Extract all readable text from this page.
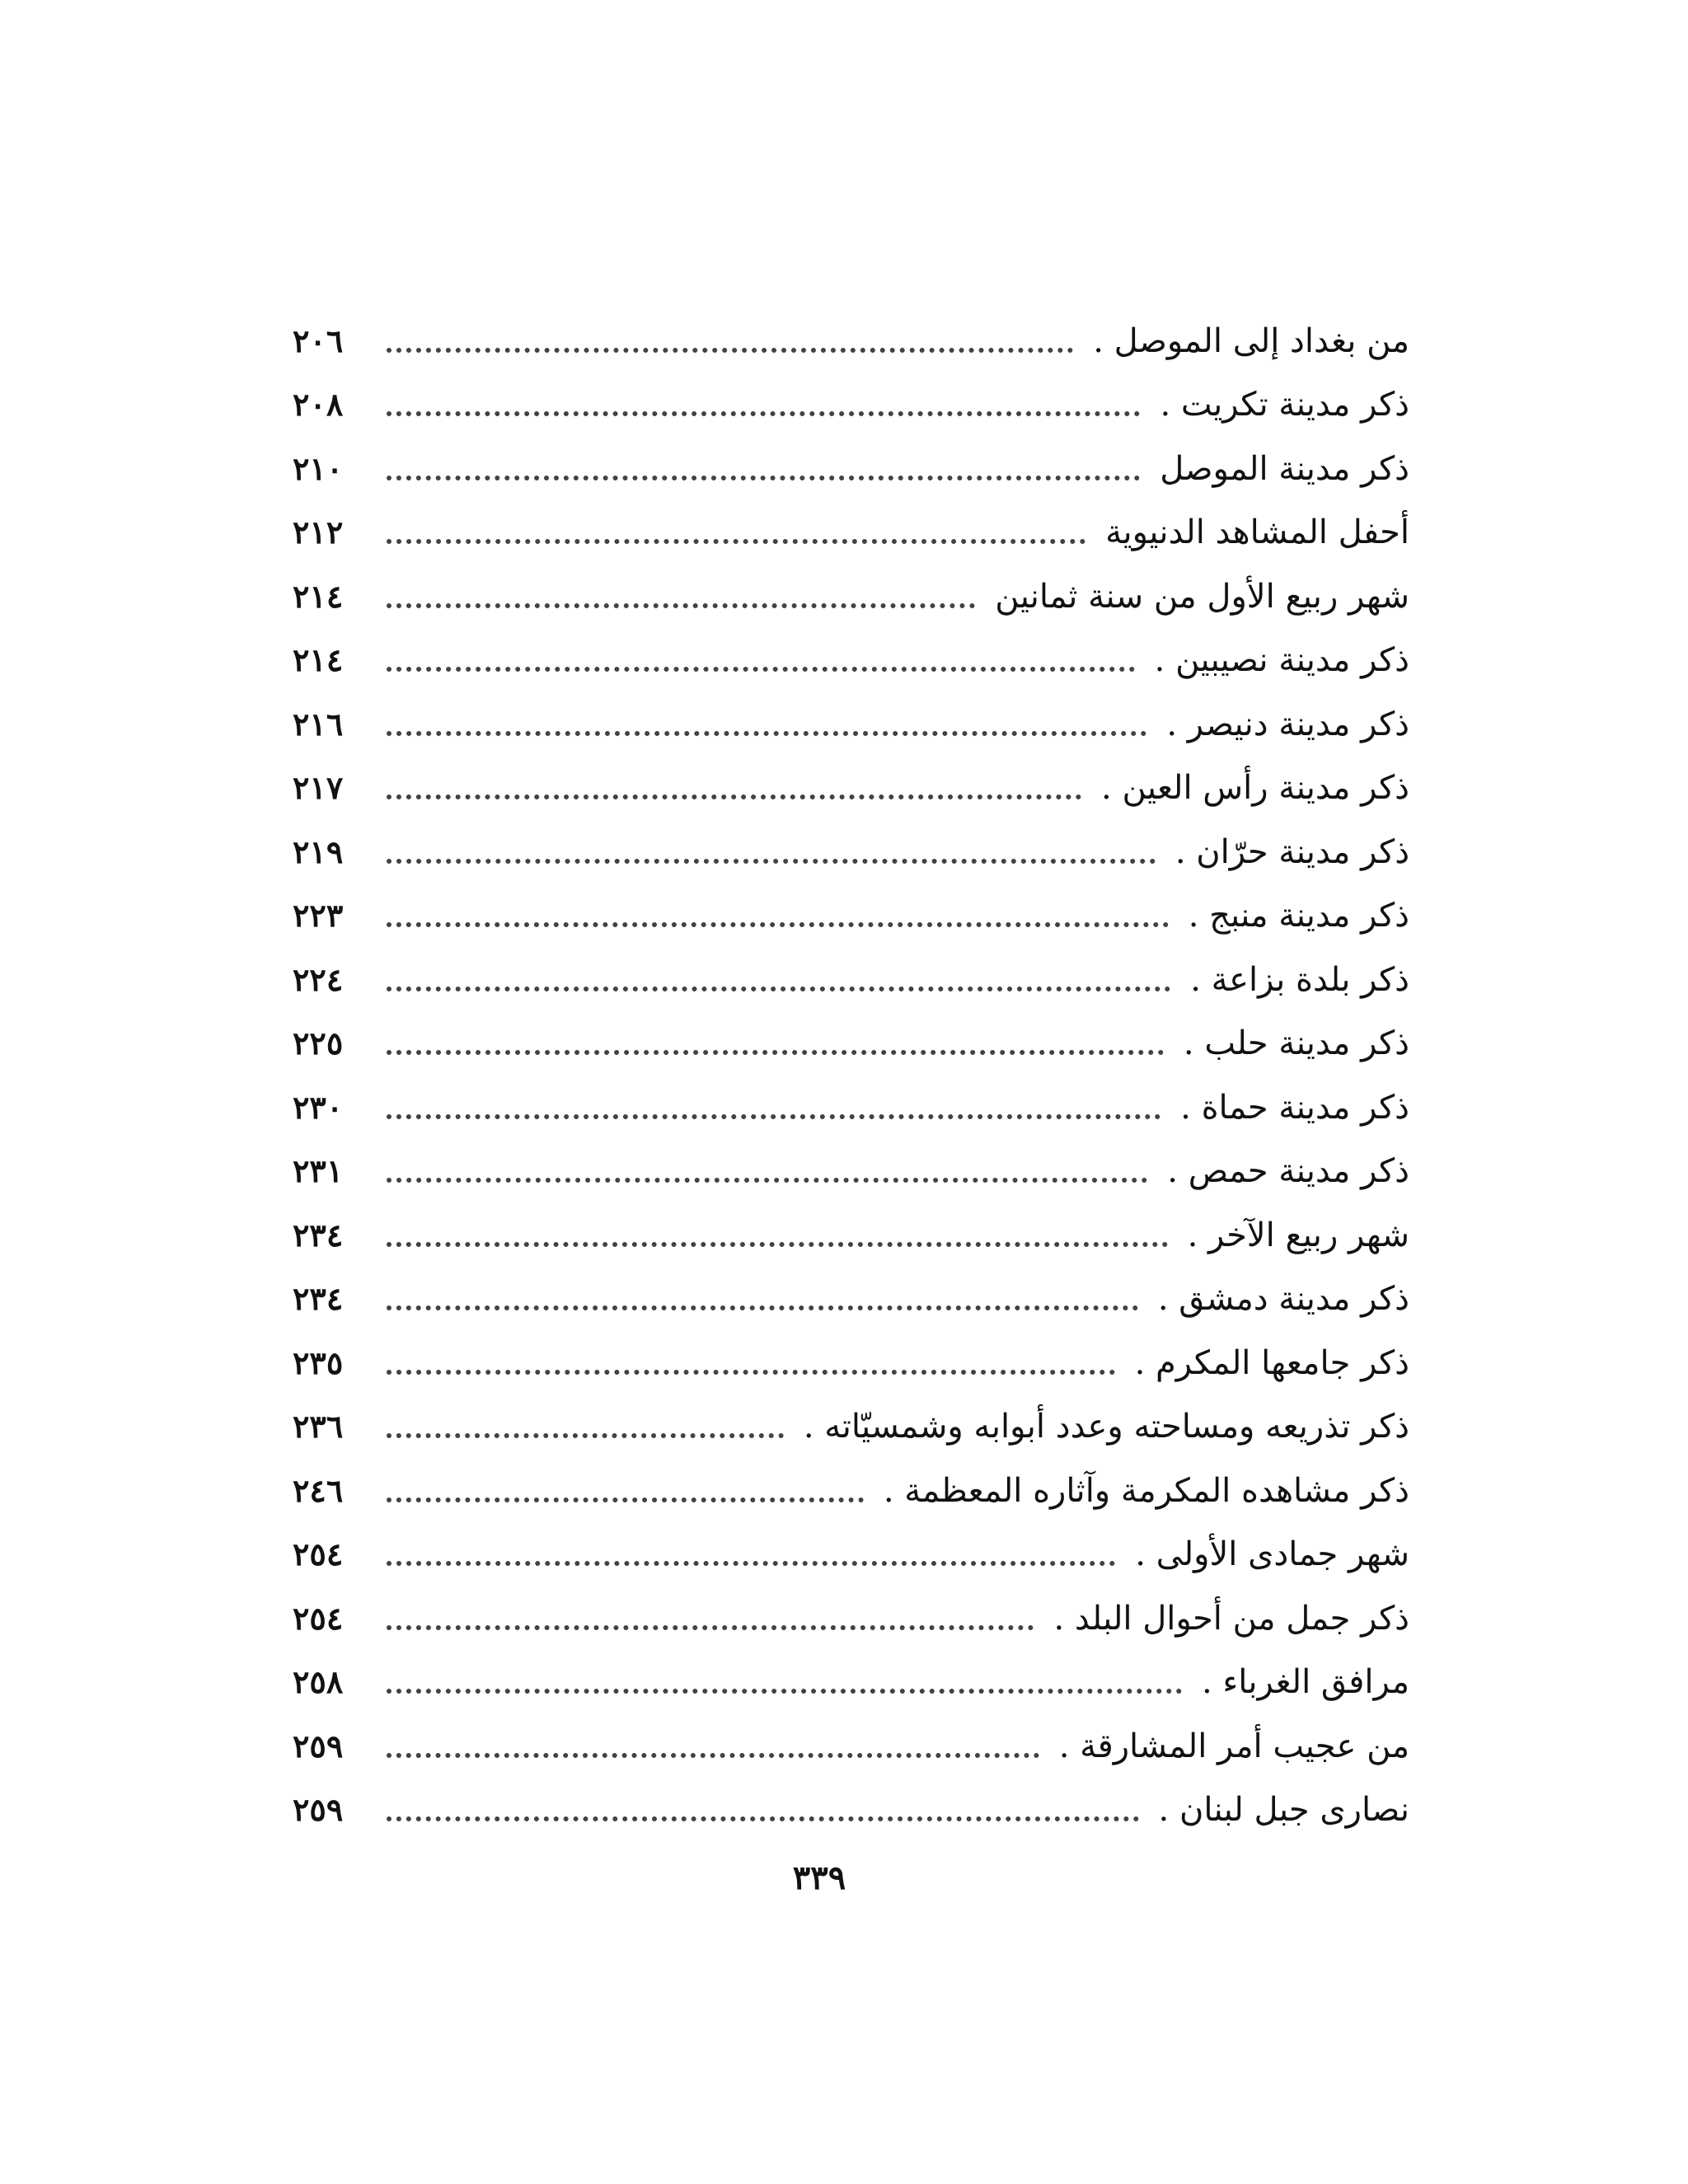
من بغداد إلى الموصل .
٢٠٦
ذكر مدينة تكريت .
٢٠٨
ذكر مدينة الموصل
٢١٠
أحفل المشاهد الدنيوية
٢١٢
شهر ربيع الأول من سنة ثمانين
٢١٤
ذكر مدينة نصيبين .
٢١٤
ذكر مدينة دنيصر .
٢١٦
ذكر مدينة رأس العين .
٢١٧
ذكر مدينة حرّان .
٢١٩
ذكر مدينة منبج .
٢٢٣
ذكر بلدة بزاعة .
٢٢٤
ذكر مدينة حلب .
٢٢٥
ذكر مدينة حماة .
٢٣٠
ذكر مدينة حمص .
٢٣١
شهر ربيع الآخر .
٢٣٤
ذكر مدينة دمشق .
٢٣٤
ذكر جامعها المكرم .
٢٣٥
ذكر تذريعه ومساحته وعدد أبوابه وشمسيّاته .
٢٣٦
ذكر مشاهده المكرمة وآثاره المعظمة .
٢٤٦
شهر جمادى الأولى .
٢٥٤
ذكر جمل من أحوال البلد .
٢٥٤
مرافق الغرباء .
٢٥٨
من عجيب أمر المشارقة .
٢٥٩
نصارى جبل لبنان .
٢٥٩
٣٣٩
